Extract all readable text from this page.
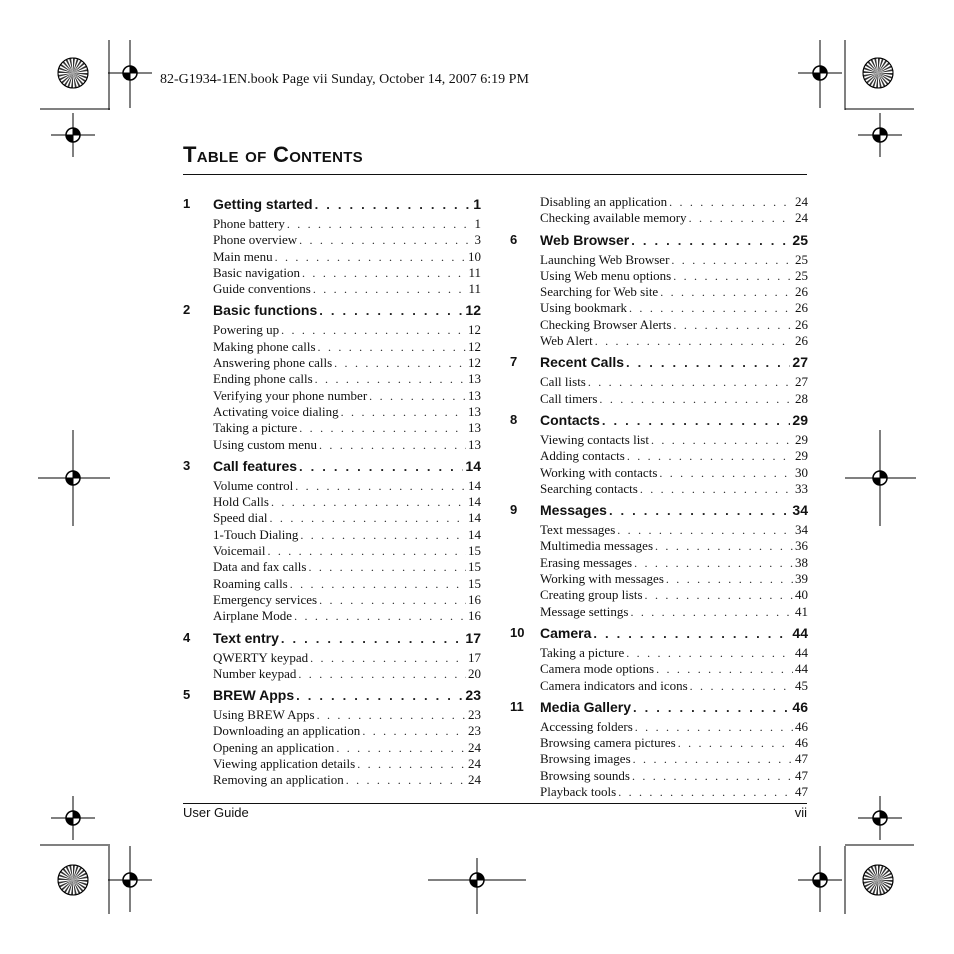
82-G1934-1EN.book Page vii Sunday, October 14, 2007 6:19 PM
Table of Contents
1 Getting started . . .	1
Phone battery . . .	1
Phone overview . . .	3
Main menu . . .	10
Basic navigation . . .	11
Guide conventions . . .	11
2 Basic functions . . .	12
Powering up . . .	12
Making phone calls . . .	12
Answering phone calls . . .	12
Ending phone calls . . .	13
Verifying your phone number . . .	13
Activating voice dialing . . .	13
Taking a picture . . .	13
Using custom menu . . .	13
3 Call features . . .	14
Volume control . . .	14
Hold Calls . . .	14
Speed dial . . .	14
1-Touch Dialing . . .	14
Voicemail . . .	15
Data and fax calls . . .	15
Roaming calls . . .	15
Emergency services . . .	16
Airplane Mode . . .	16
4 Text entry . . .	17
QWERTY keypad . . .	17
Number keypad . . .	20
5 BREW Apps . . .	23
Using BREW Apps . . .	23
Downloading an application . . .	23
Opening an application . . .	24
Viewing application details . . .	24
Removing an application . . .	24
Disabling an application . . .	24
Checking available memory . . .	24
6 Web Browser . . .	25
Launching Web Browser . . .	25
Using Web menu options . . .	25
Searching for Web site . . .	26
Using bookmark . . .	26
Checking Browser Alerts . . .	26
Web Alert . . .	26
7 Recent Calls . . .	27
Call lists . . .	27
Call timers . . .	28
8 Contacts . . .	29
Viewing contacts list . . .	29
Adding contacts . . .	29
Working with contacts . . .	30
Searching contacts . . .	33
9 Messages . . .	34
Text messages . . .	34
Multimedia messages . . .	36
Erasing messages . . .	38
Working with messages . . .	39
Creating group lists . . .	40
Message settings . . .	41
10 Camera . . .	44
Taking a picture . . .	44
Camera mode options . . .	44
Camera indicators and icons . . .	45
11 Media Gallery . . .	46
Accessing folders . . .	46
Browsing camera pictures . . .	46
Browsing images . . .	47
Browsing sounds . . .	47
Playback tools . . .	47
User Guide	vii
